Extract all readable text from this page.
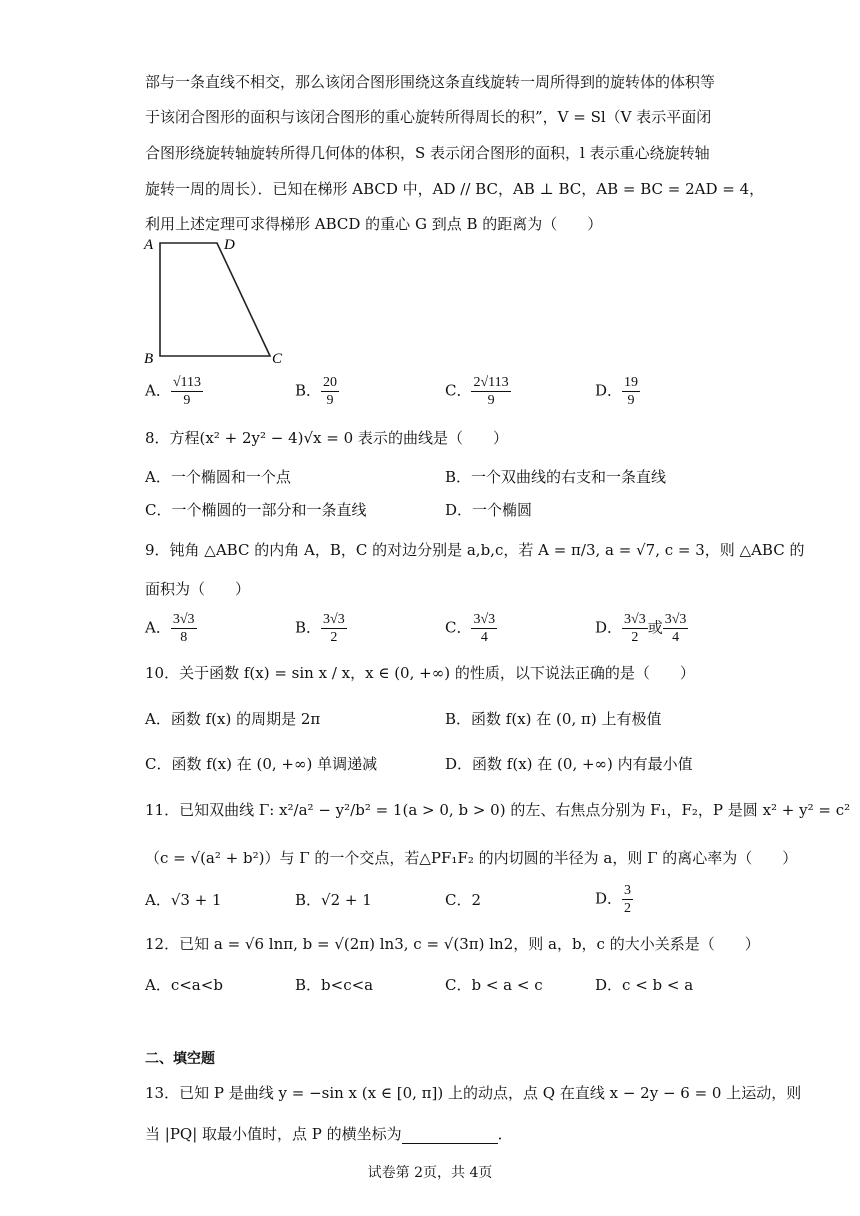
部与一条直线不相交，那么该闭合图形围绕这条直线旋转一周所得到的旋转体的体积等
于该闭合图形的面积与该闭合图形的重心旋转所得周长的积”，V = Sl（V 表示平面闭
合图形绕旋转轴旋转所得几何体的体积，S 表示闭合图形的面积，l 表示重心绕旋转轴
旋转一周的周长）．已知在梯形 ABCD 中，AD // BC，AB ⊥ BC，AB = BC = 2AD = 4，
利用上述定理可求得梯形 ABCD 的重心 G 到点 B 的距离为（　　）
A	D
B	C
A． $\frac{√113}{9}$	B． $\frac{20}{9}$	C． $\frac{2√113}{9}$	D． $\frac{19}{9}$
8．方程(x² + 2y² − 4)√x = 0 表示的曲线是（　　）
A．一个椭圆和一个点	B．一个双曲线的右支和一条直线
C．一个椭圆的一部分和一条直线	D．一个椭圆
9．钝角 △ABC 的内角 A，B，C 的对边分别是 a,b,c，若 A = π/3, a = √7, c = 3，则 △ABC 的
面积为（　　）
A． $\frac{3√3}{8}$	B． $\frac{3√3}{2}$	C． $\frac{3√3}{4}$	D． $\frac{3√3}{2}$ 或 $\frac{3√3}{4}$
10．关于函数 f(x) = sin x / x，x ∈ (0, +∞) 的性质，以下说法正确的是（　　）
A．函数 f(x) 的周期是 2π	B．函数 f(x) 在 (0, π) 上有极值
C．函数 f(x) 在 (0, +∞) 单调递减	D．函数 f(x) 在 (0, +∞) 内有最小值
11．已知双曲线 Γ: x²/a² − y²/b² = 1(a > 0, b > 0) 的左、右焦点分别为 F₁，F₂，P 是圆 x² + y² = c²
（c = √(a² + b²)）与 Γ 的一个交点，若△PF₁F₂ 的内切圆的半径为 a，则 Γ 的离心率为（　　）
A．√3 + 1	B．√2 + 1	C．2	D． $\frac{3}{2}$
12．已知 a = √6 lnπ, b = √(2π) ln3, c = √(3π) ln2，则 a，b，c 的大小关系是（　　）
A．c<a<b	B．b<c<a	C．b < a < c	D．c < b < a
二、填空题
13．已知 P 是曲线 y = −sin x (x ∈ [0, π]) 上的动点，点 Q 在直线 x − 2y − 6 = 0 上运动，则
当 |PQ| 取最小值时，点 P 的横坐标为	．
试卷第 2页，共 4页
